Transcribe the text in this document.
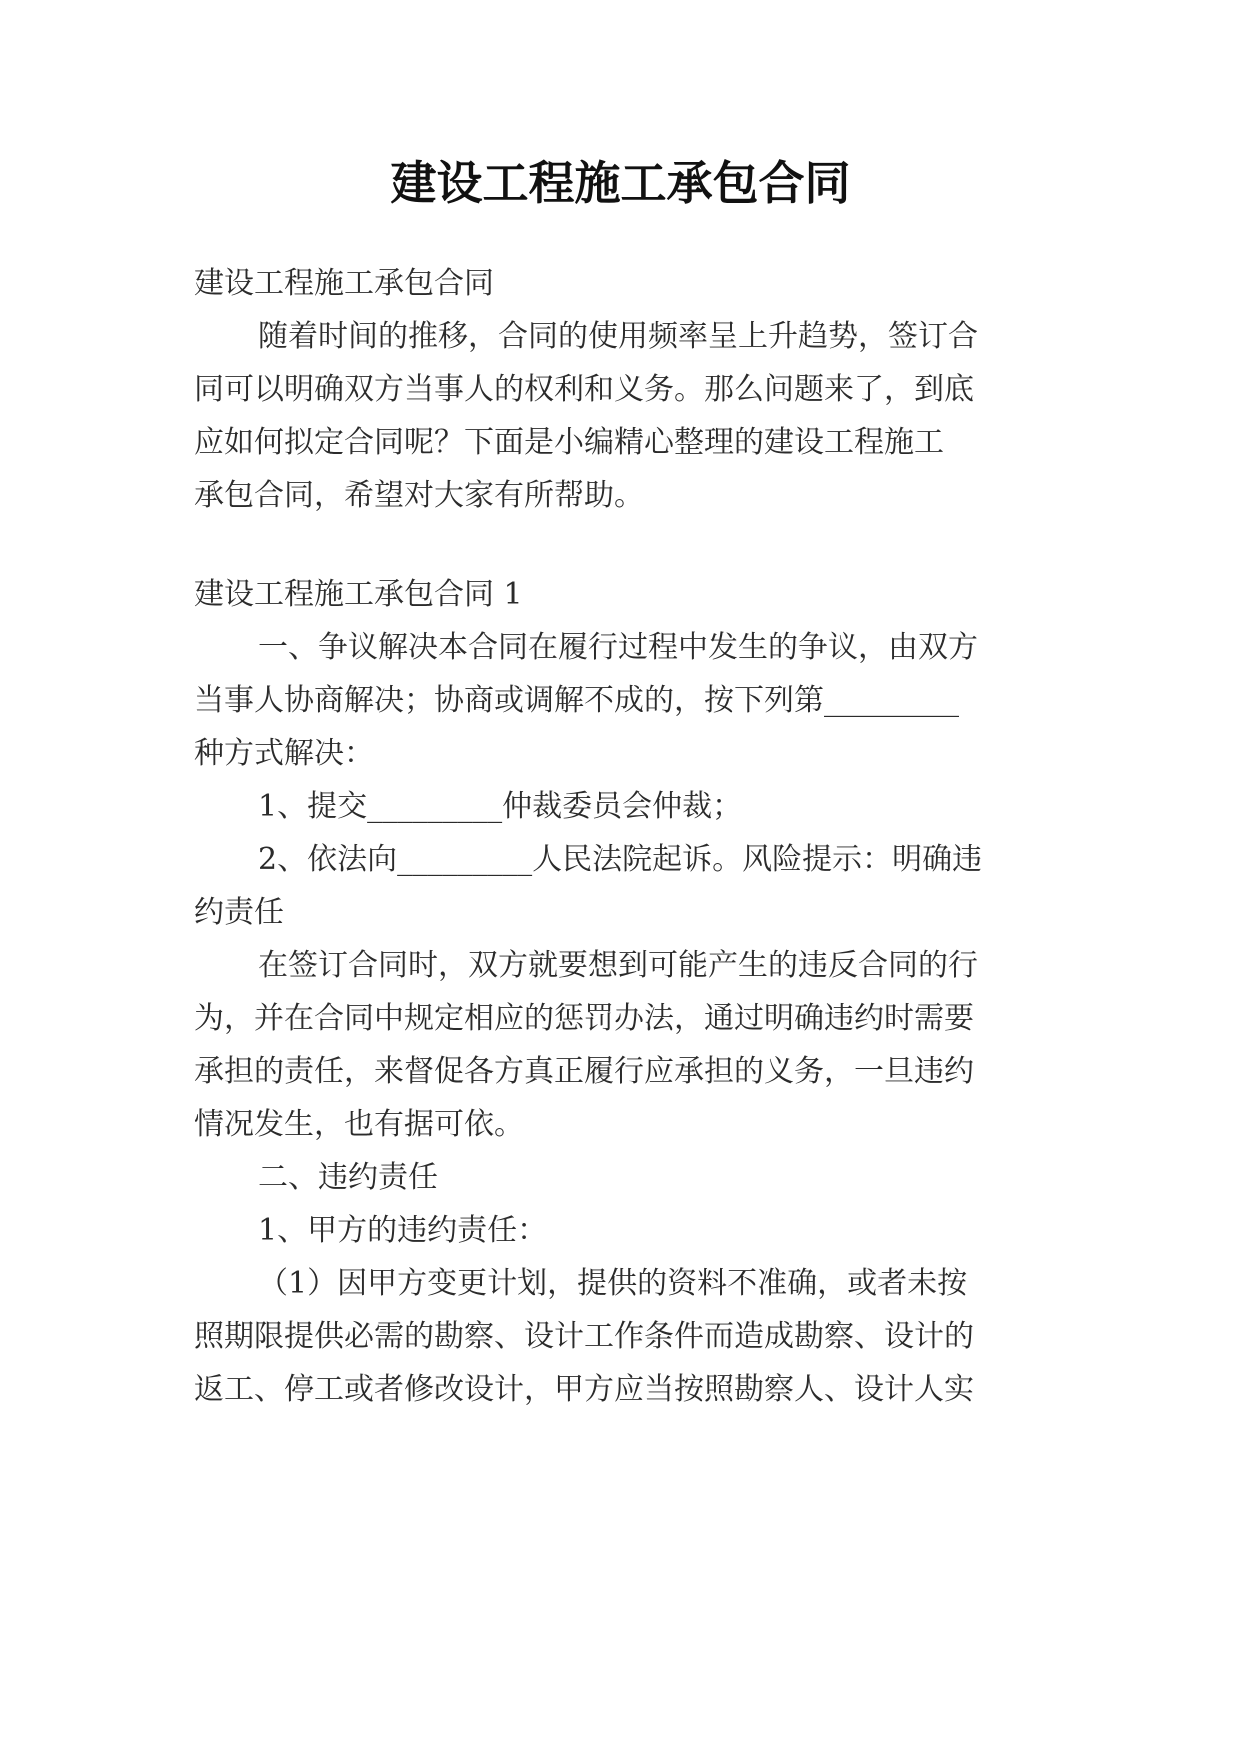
建设工程施工承包合同
建设工程施工承包合同
随着时间的推移，合同的使用频率呈上升趋势，签订合
同可以明确双方当事人的权利和义务。那么问题来了，到底
应如何拟定合同呢？下面是小编精心整理的建设工程施工
承包合同，希望对大家有所帮助。
建设工程施工承包合同 1
一、争议解决本合同在履行过程中发生的争议，由双方
当事人协商解决；协商或调解不成的，按下列第_________
种方式解决：
1、提交_________仲裁委员会仲裁；
2、依法向_________人民法院起诉。风险提示：明确违
约责任
在签订合同时，双方就要想到可能产生的违反合同的行
为，并在合同中规定相应的惩罚办法，通过明确违约时需要
承担的责任，来督促各方真正履行应承担的义务，一旦违约
情况发生，也有据可依。
二、违约责任
1、甲方的违约责任：
（1）因甲方变更计划，提供的资料不准确，或者未按
照期限提供必需的勘察、设计工作条件而造成勘察、设计的
返工、停工或者修改设计，甲方应当按照勘察人、设计人实
